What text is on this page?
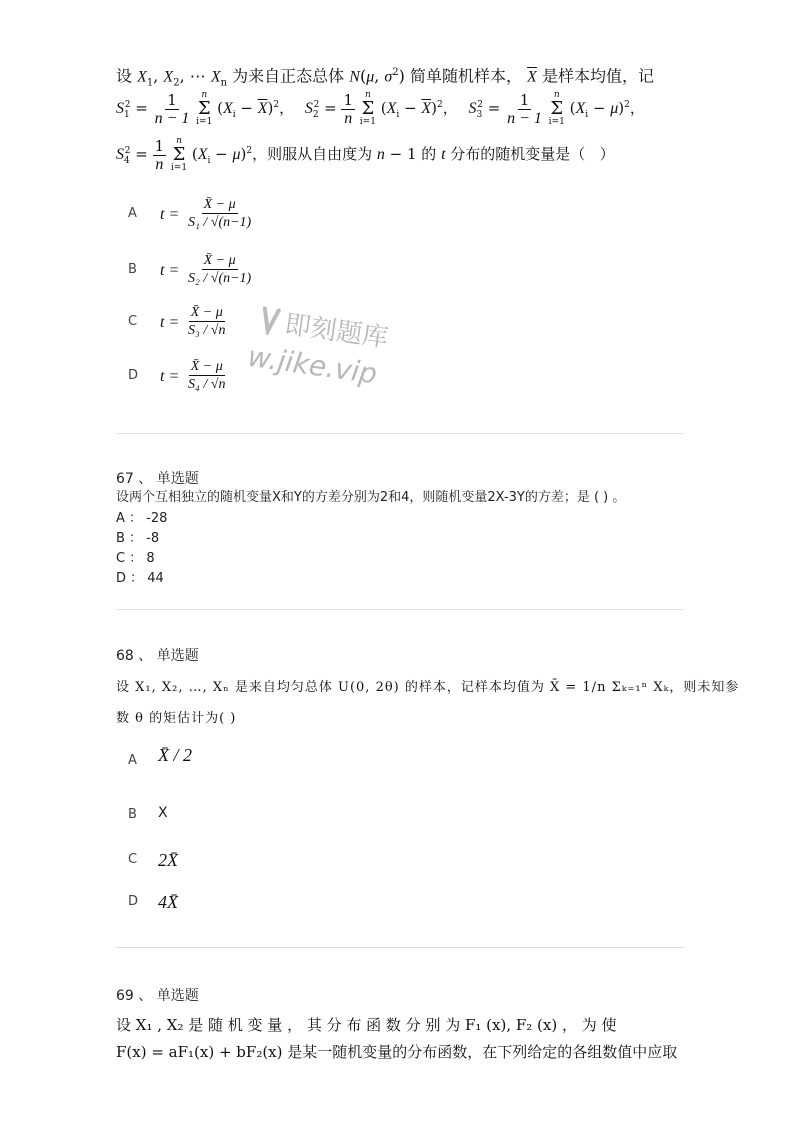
设 $X_1$, $X_2$, ⋯ $X_n$ 为来自正态总体 N(μ, $\sigma^2$) 简单随机样本， $\overline{X}$ 是样本均值，记
$S_1^2 = \frac{1}{n - 1}$
n
Σ
i=1 $(X_i - \overline{X})^2$， $S_2^2 = \frac{1}{n}$
n
Σ
i=1 $(X_i - \overline{X})^2$， $S_3^2 = \frac{1}{n - 1}$
n
Σ
i=1 $(X_i - \mu)^2$，
$S_4^2 = \frac{1}{n}$
n
Σ
i=1 $(X_i - \mu)^2$，则服从自由度为 n − 1 的 t 分布的随机变量是（   ）
A $t = \frac{X̄ - \mu}{\text{S₁ / √(n−1)}}$
B $t = \frac{X̄ - \mu}{\text{S₂ / √(n−1)}}$
C $t = \frac{X̄ - \mu}{\text{S₃ / √n}}$
D $t = \frac{X̄ - \mu}{\text{S₄ / √n}}$
即刻题库
w.jike.vip
67 、 单选题
设两个互相独立的随机变量X和Y的方差分别为2和4，则随机变量2X-3Y的方差；是 ( ) 。
A ： -28
B ： -8
C ： 8
D ： 44
68 、 单选题
设 X₁, X₂, …, Xₙ 是来自均匀总体 U(0, 2θ) 的样本，记样本均值为 X̄ = 1/n Σₖ₌₁ⁿ Xₖ，则未知参
数 θ 的矩估计为( )
A X̄ / 2
B X
C 2X̄
D 4X̄
69 、 单选题
设 X₁ , X₂ 是 随 机 变 量 ， 其 分 布 函 数 分 别 为 F₁ (x), F₂ (x) ， 为 使
F(x) = aF₁(x) + bF₂(x) 是某一随机变量的分布函数，在下列给定的各组数值中应取
